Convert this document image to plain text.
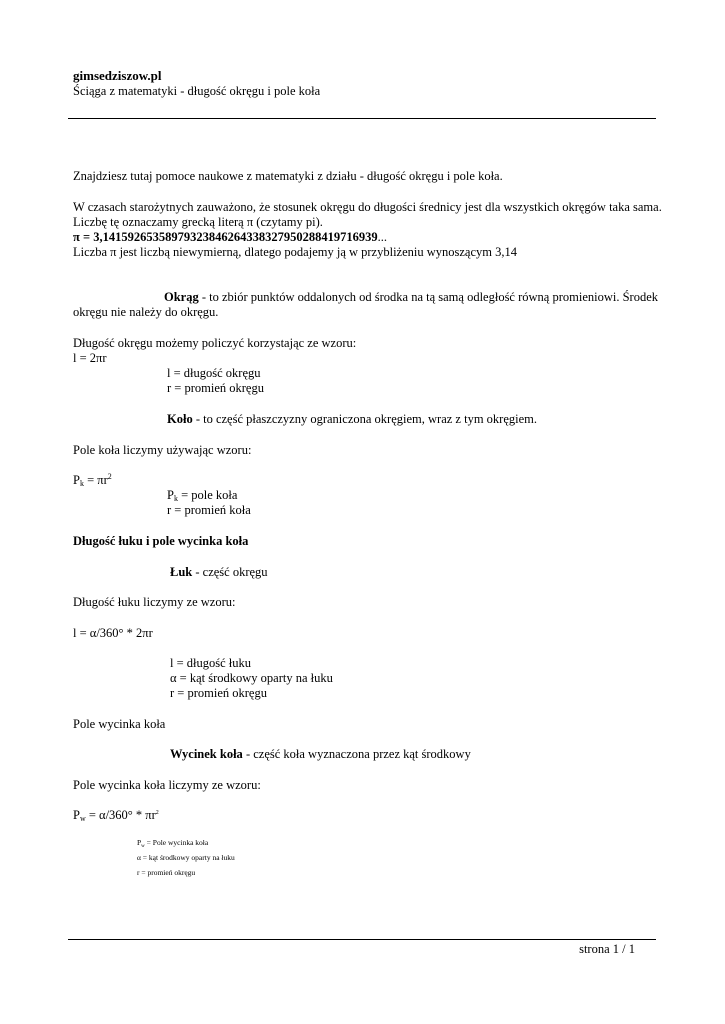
gimsedziszow.pl
Ściąga z matematyki - długość okręgu i pole koła
Znajdziesz tutaj pomoce naukowe z matematyki z działu - długość okręgu i pole koła.
W czasach starożytnych zauważono, że stosunek okręgu do długości średnicy jest dla wszystkich okręgów taka sama.
Liczbę tę oznaczamy grecką literą π (czytamy pi).
π = 3,14159265358979323846264338327950288419716939...
Liczba π jest liczbą niewymierną, dlatego podajemy ją w przybliżeniu wynoszącym 3,14
Okrąg - to zbiór punktów oddalonych od środka na tą samą odległość równą promieniowi. Środek
okręgu nie należy do okręgu.
Długość okręgu możemy policzyć korzystając ze wzoru:
l = 2πr
l = długość okręgu
r = promień okręgu
Koło - to część płaszczyzny ograniczona okręgiem, wraz z tym okręgiem.
Pole koła liczymy używając wzoru:
$P_k = \pi r^2$
$P_k$ = pole koła
r = promień koła
Długość łuku i pole wycinka koła
Łuk - część okręgu
Długość łuku liczymy ze wzoru:
l = α/360° * 2πr
l = długość łuku
α = kąt środkowy oparty na łuku
r = promień okręgu
Pole wycinka koła
Wycinek koła - część koła wyznaczona przez kąt środkowy
Pole wycinka koła liczymy ze wzoru:
$P_w = \alpha/360^\circ * \pi r^2$
$P_w$ = Pole wycinka koła
α = kąt środkowy oparty na łuku
r = promień okręgu
strona 1 / 1
